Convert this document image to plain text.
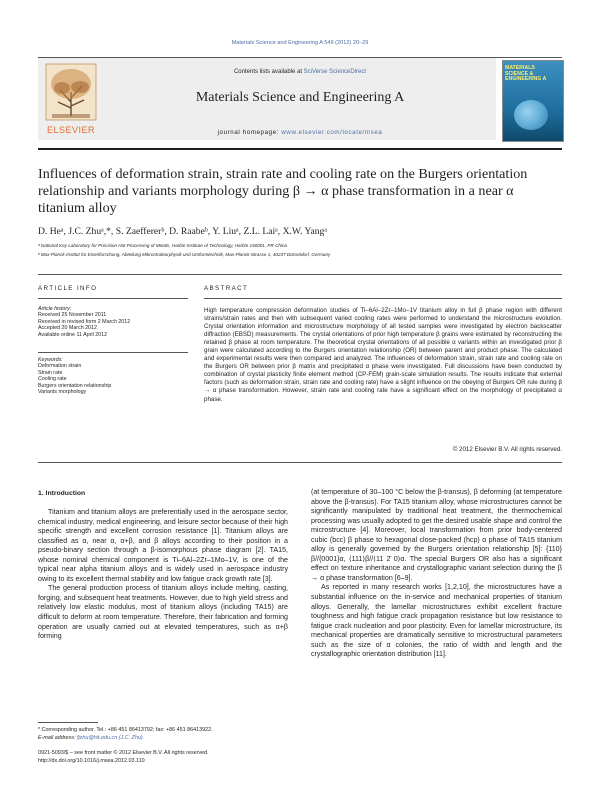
Materials Science and Engineering A 549 (2012) 20–29
ELSEVIER
Contents lists available at SciVerse ScienceDirect
Materials Science and Engineering A
journal homepage: www.elsevier.com/locate/msea
MATERIALS SCIENCE & ENGINEERING A
Influences of deformation strain, strain rate and cooling rate on the Burgers orientation relationship and variants morphology during β → α phase transformation in a near α titanium alloy
D. Heᵃ, J.C. Zhuᵃ,*, S. Zaeffererᵇ, D. Raabeᵇ, Y. Liuᵃ, Z.L. Laiᵃ, X.W. Yangᵃ
ᵃ National Key Laboratory for Precision Hot Processing of Metals, Harbin Institute of Technology, Harbin 150001, PR China
ᵇ Max-Planck-Institut für Eisenforschung, Abteilung Mikrostrukturphysik und Umformtechnik, Max-Planck-Strasse 1, 40237 Düsseldorf, Germany
ARTICLE INFO
Article history:
Received 25 November 2011
Received in revised form 2 March 2012
Accepted 20 March 2012
Available online 11 April 2012
Keywords:
Deformation strain
Strain rate
Cooling rate
Burgers orientation relationship
Variants morphology
ABSTRACT
High temperature compression deformation studies of Ti–6Al–2Zr–1Mo–1V titanium alloy in full β phase region with different strains/strain rates and then with subsequent varied cooling rates were performed to understand the microstructure evolution. Crystal orientation information and microstructure morphology of all tested samples were investigated by electron backscatter diffraction (EBSD) measurements. The crystal orientations of prior high temperature β grains were estimated by reconstructing the retained β phase at room temperature. The theoretical crystal orientations of all possible α variants within an investigated prior β grain were calculated according to the Burgers orientation relationship (OR) between parent and product phase. The calculated and experimental results were then compared and analyzed. The influences of deformation strain, strain rate and cooling rate on the Burgers OR between prior β matrix and precipitated α phase were investigated. Full discussions have been conducted by combination of crystal plasticity finite element method (CP-FEM) grain-scale simulation results. The results indicate that external factors (such as deformation strain, strain rate and cooling rate) have a slight influence on the obeying of Burgers OR rule during β → α phase transformation. However, strain rate and cooling rate have a significant effect on the morphology of precipitated α phase.
© 2012 Elsevier B.V. All rights reserved.
1. Introduction

Titanium and titanium alloys are preferentially used in the aerospace sector, chemical industry, medical engineering, and leisure sector because of their high specific strength and excellent corrosion resistance [1]. Titanium alloys are classified as α, near α, α+β, and β alloys according to their position in a pseudo-binary section through a β-isomorphous phase diagram [2]. TA15, whose nominal chemical component is Ti–6Al–2Zr–1Mo–1V, is one of the typical near alpha titanium alloys and is widely used in aerospace industry owing to its excellent thermal stability and low fatigue crack growth rate [3].

The general production process of titanium alloys include melting, casting, forging, and subsequent heat treatments. However, due to high yield stress and relatively low elastic modulus, most of titanium alloys (including TA15) are difficult to deform at room temperature. Therefore, their fabrication and forming operation are usually carried out at elevated temperatures, such as α+β forming

(at temperature of 30–100 °C below the β-transus), β deforming (at temperature above the β-transus). For TA15 titanium alloy, whose microstructures cannot be significantly manipulated by traditional heat treatment, the thermochemical processing was usually adopted to get the desired usable shape and control the microstructure [4]. Moreover, local transformation from prior body-centered cubic (bcc) β phase to hexagonal close-packed (hcp) α phase of TA15 titanium alloy is generally governed by the Burgers orientation relationship [5]: {110}β//{0001}α, ⟨111⟩β//⟨11 2̄ 0⟩α. The special Burgers OR also has a significant effect on texture inheritance and crystallographic variant selection during the β → α phase transformation [6–9].

As reported in many research works [1,2,10], the microstructures have a substantial influence on the in-service and mechanical properties of titanium alloys. Generally, the lamellar microstructures exhibit excellent fracture toughness and high fatigue crack propagation resistance but low resistance to fatigue crack nucleation and poor plasticity. Even for lamellar microstructure, its mechanical properties are dramatically sensitive to microstructural parameters such as the size of α colonies, the ratio of width and length and the crystallographic orientation distribution [11].

* Corresponding author. Tel.: +86 451 86413792; fax: +86 451 86413922.
E-mail address: fjzhu@hit.edu.cn (J.C. Zhu).
0921-5093/$ – see front matter © 2012 Elsevier B.V. All rights reserved.
http://dx.doi.org/10.1016/j.msea.2012.03.110
